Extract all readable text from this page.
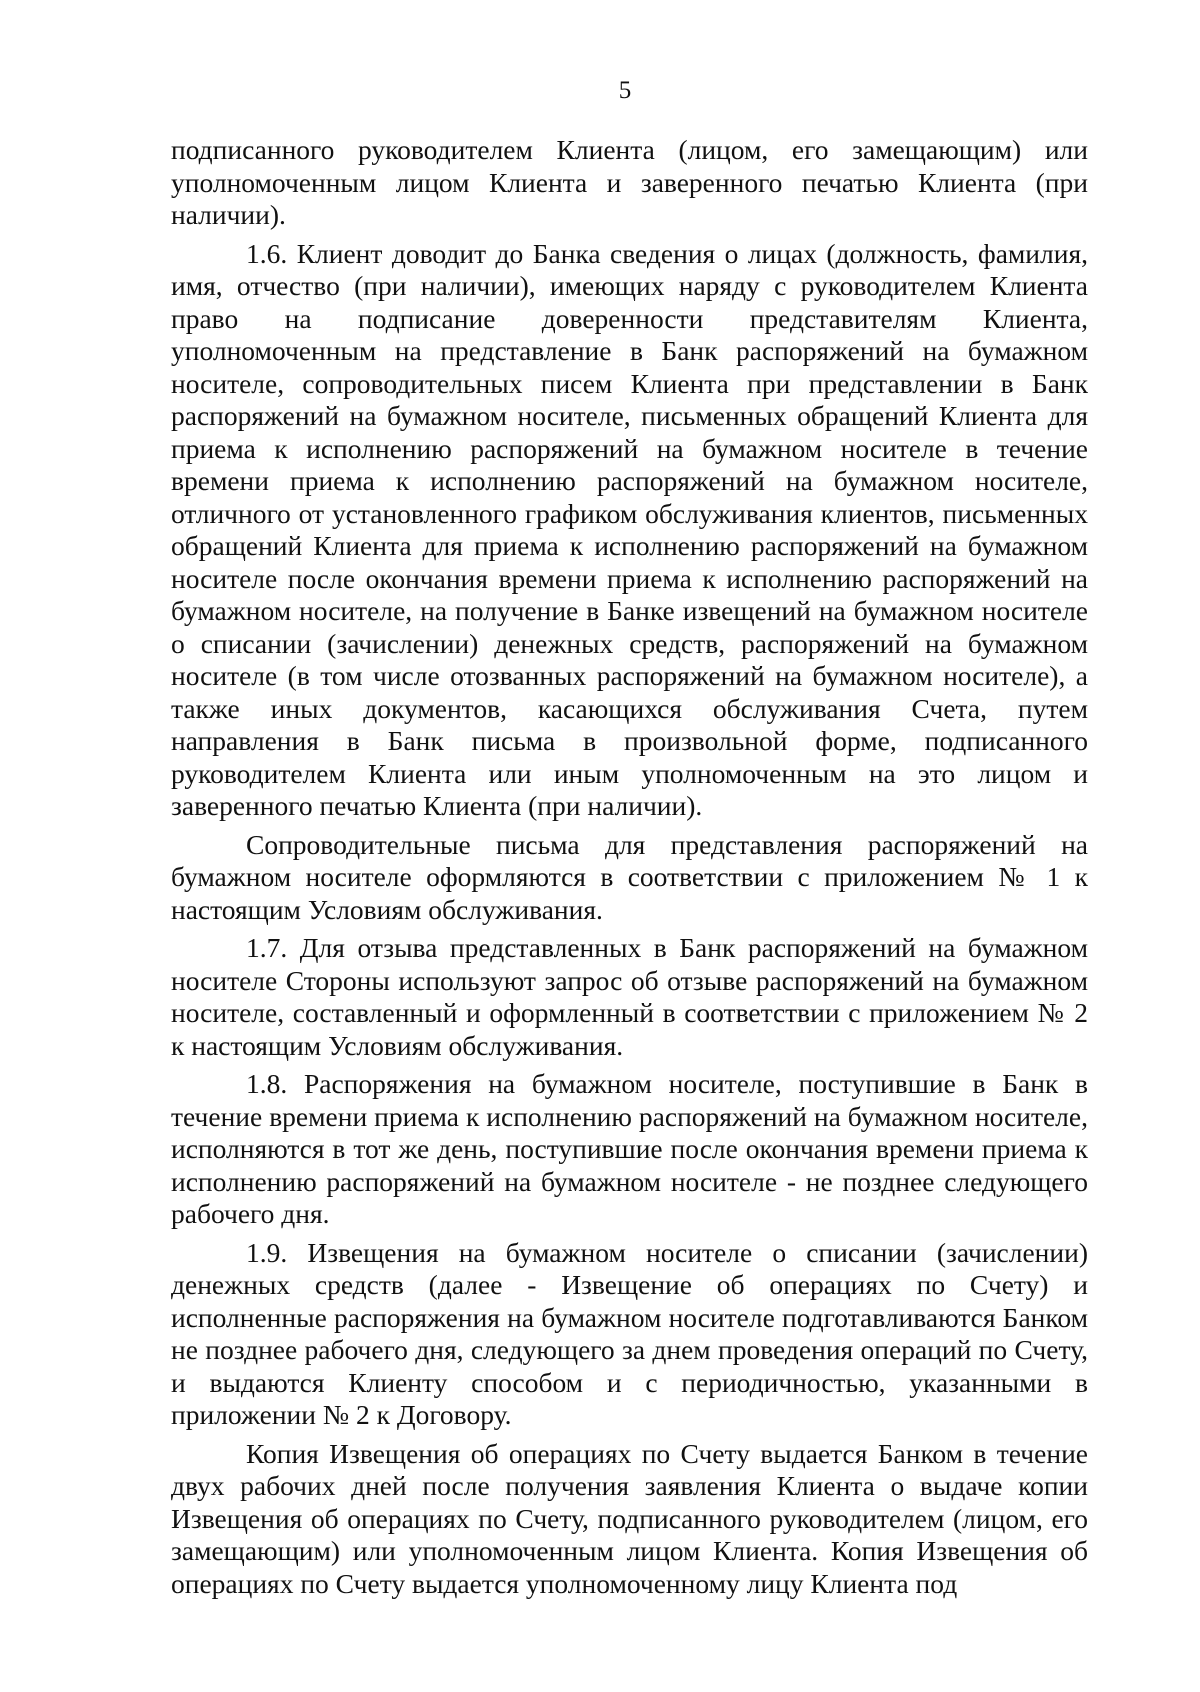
5

подписанного руководителем Клиента (лицом, его замещающим) или уполномоченным лицом Клиента и заверенного печатью Клиента (при наличии).

1.6. Клиент доводит до Банка сведения о лицах (должность, фамилия, имя, отчество (при наличии), имеющих наряду с руководителем Клиента право на подписание доверенности представителям Клиента, уполномоченным на представление в Банк распоряжений на бумажном носителе, сопроводительных писем Клиента при представлении в Банк распоряжений на бумажном носителе, письменных обращений Клиента для приема к исполнению распоряжений на бумажном носителе в течение времени приема к исполнению распоряжений на бумажном носителе, отличного от установленного графиком обслуживания клиентов, письменных обращений Клиента для приема к исполнению распоряжений на бумажном носителе после окончания времени приема к исполнению распоряжений на бумажном носителе, на получение в Банке извещений на бумажном носителе о списании (зачислении) денежных средств, распоряжений на бумажном носителе (в том числе отозванных распоряжений на бумажном носителе), а также иных документов, касающихся обслуживания Счета, путем направления в Банк письма в произвольной форме, подписанного руководителем Клиента или иным уполномоченным на это лицом и заверенного печатью Клиента (при наличии).

Сопроводительные письма для представления распоряжений на бумажном носителе оформляются в соответствии с приложением № 1 к настоящим Условиям обслуживания.

1.7. Для отзыва представленных в Банк распоряжений на бумажном носителе Стороны используют запрос об отзыве распоряжений на бумажном носителе, составленный и оформленный в соответствии с приложением № 2 к настоящим Условиям обслуживания.

1.8. Распоряжения на бумажном носителе, поступившие в Банк в течение времени приема к исполнению распоряжений на бумажном носителе, исполняются в тот же день, поступившие после окончания времени приема к исполнению распоряжений на бумажном носителе - не позднее следующего рабочего дня.

1.9. Извещения на бумажном носителе о списании (зачислении) денежных средств (далее - Извещение об операциях по Счету) и исполненные распоряжения на бумажном носителе подготавливаются Банком не позднее рабочего дня, следующего за днем проведения операций по Счету, и выдаются Клиенту способом и с периодичностью, указанными в приложении № 2 к Договору.

Копия Извещения об операциях по Счету выдается Банком в течение двух рабочих дней после получения заявления Клиента о выдаче копии Извещения об операциях по Счету, подписанного руководителем (лицом, его замещающим) или уполномоченным лицом Клиента. Копия Извещения об операциях по Счету выдается уполномоченному лицу Клиента под
